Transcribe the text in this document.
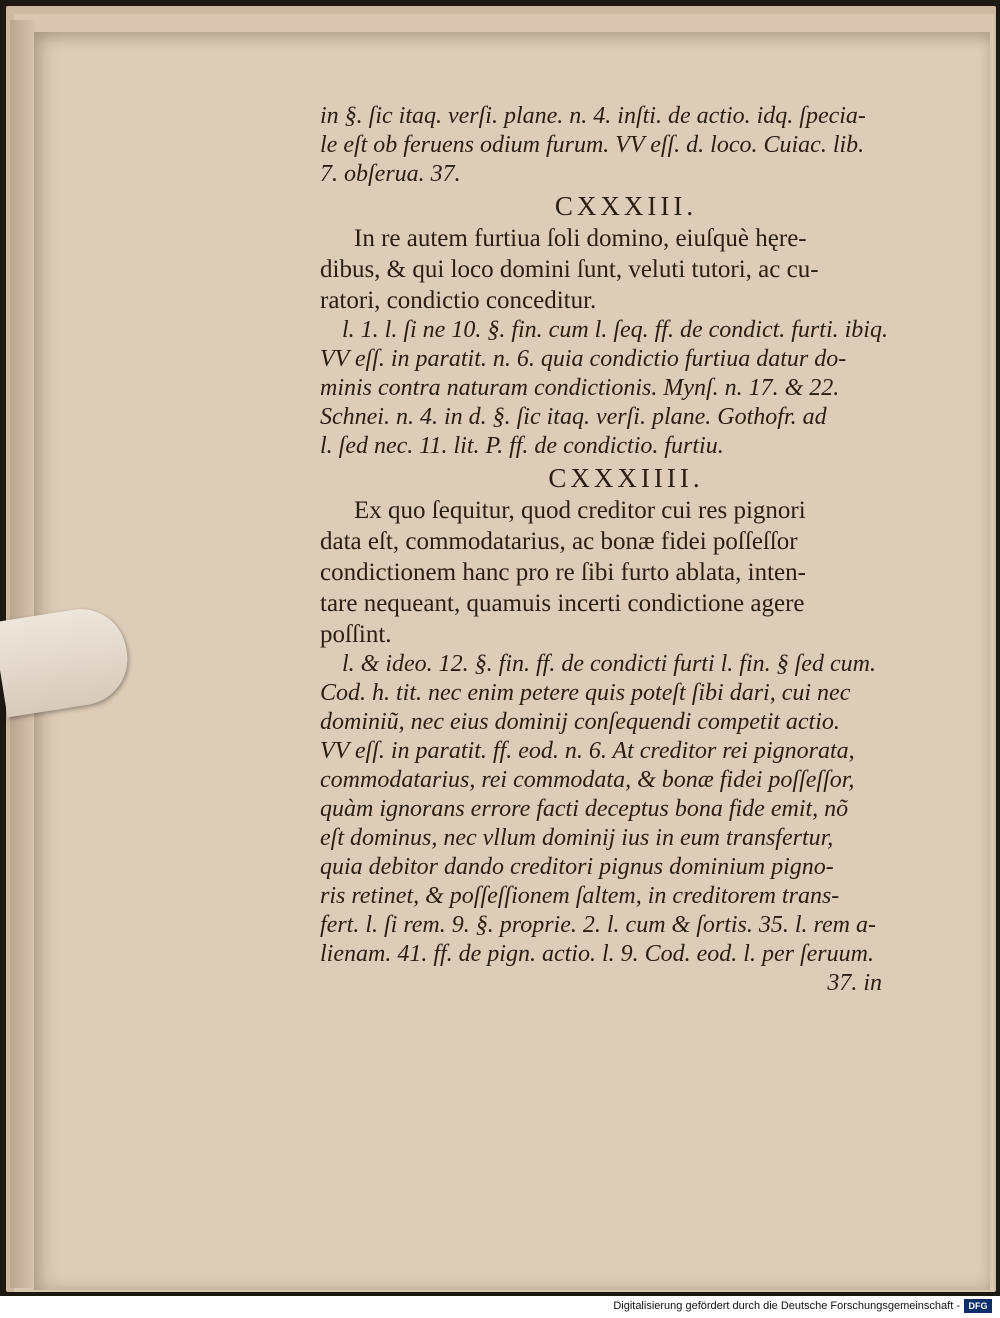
in §. ſic itaq. verſi. plane. n. 4. inſti. de actio. idq. ſpecia-
le eſt ob feruens odium furum. VV eſſ. d. loco. Cuiac. lib.
7. obſerua. 37.
CXXXIII.
In re autem furtiua ſoli domino, eiuſquè hęre-
dibus, & qui loco domini ſunt, veluti tutori, ac cu-
ratori, condictio conceditur.
l. 1. l. ſi ne 10. §. fin. cum l. ſeq. ff. de condict. furti. ibiq.
VV eſſ. in paratit. n. 6. quia condictio furtiua datur do-
minis contra naturam condictionis. Mynſ. n. 17. & 22.
Schnei. n. 4. in d. §. ſic itaq. verſi. plane. Gothofr. ad
l. ſed nec. 11. lit. P. ff. de condictio. furtiu.
CXXXIIII.
Ex quo ſequitur, quod creditor cui res pignori
data eſt, commodatarius, ac bonæ fidei poſſeſſor
condictionem hanc pro re ſibi furto ablata, inten-
tare nequeant, quamuis incerti condictione agere
poſſint.
l. & ideo. 12. §. fin. ff. de condicti furti l. fin. § ſed cum.
Cod. h. tit. nec enim petere quis poteſt ſibi dari, cui nec
dominiũ, nec eius dominij conſequendi competit actio.
VV eſſ. in paratit. ff. eod. n. 6. At creditor rei pignorata,
commodatarius, rei commodata, & bonæ fidei poſſeſſor,
quàm ignorans errore facti deceptus bona fide emit, nõ
eſt dominus, nec vllum dominij ius in eum transfertur,
quia debitor dando creditori pignus dominium pigno-
ris retinet, & poſſeſſionem ſaltem, in creditorem trans-
fert. l. ſi rem. 9. §. proprie. 2. l. cum & ſortis. 35. l. rem a-
lienam. 41. ff. de pign. actio. l. 9. Cod. eod. l. per ſeruum.
37. in
Digitalisierung gefördert durch die Deutsche Forschungsgemeinschaft - DFG
